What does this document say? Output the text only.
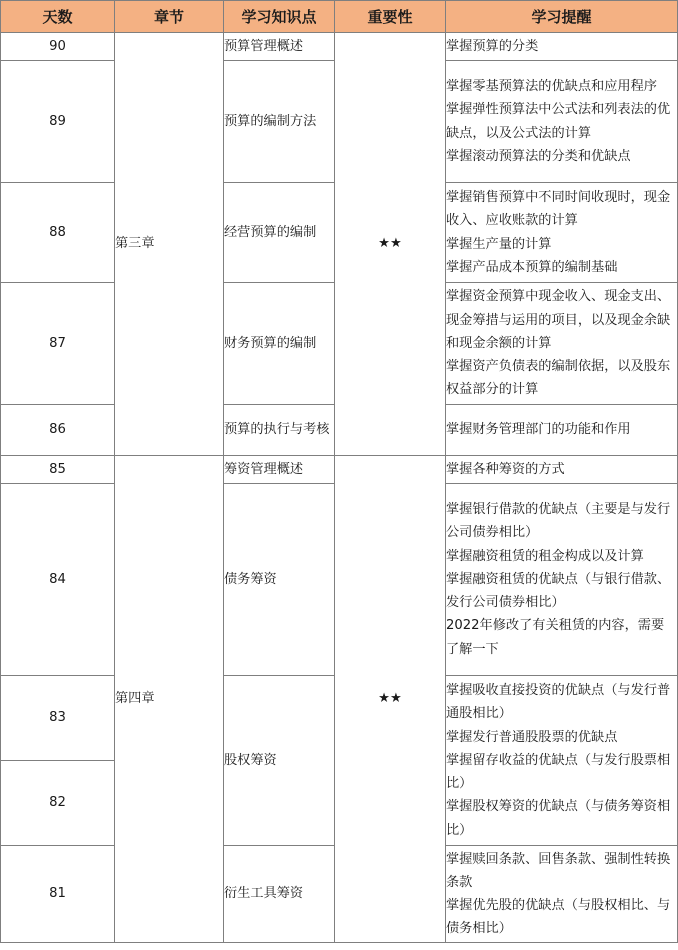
天数	章节	学习知识点	重要性	学习提醒
90	第三章	预算管理概述	★★	掌握预算的分类

89		预算的编制方法		掌握零基预算法的优缺点和应用程序
掌握弹性预算法中公式法和列表法的优缺点，以及公式法的计算
掌握滚动预算法的分类和优缺点

88		经营预算的编制		掌握销售预算中不同时间收现时，现金收入、应收账款的计算
掌握生产量的计算
掌握产品成本预算的编制基础

87		财务预算的编制		掌握资金预算中现金收入、现金支出、现金筹措与运用的项目，以及现金余缺和现金余额的计算
掌握资产负债表的编制依据，以及股东权益部分的计算

86		预算的执行与考核		掌握财务管理部门的功能和作用

85	第四章	筹资管理概述	★★	掌握各种筹资的方式

84		债务筹资		掌握银行借款的优缺点（主要是与发行公司债券相比）
掌握融资租赁的租金构成以及计算
掌握融资租赁的优缺点（与银行借款、发行公司债券相比）
2022年修改了有关租赁的内容，需要了解一下

83		股权筹资		掌握吸收直接投资的优缺点（与发行普通股相比）
掌握发行普通股股票的优缺点
掌握留存收益的优缺点（与发行股票相比）
掌握股权筹资的优缺点（与债务筹资相比）

82				
81		衍生工具筹资		掌握赎回条款、回售条款、强制性转换条款
掌握优先股的优缺点（与股权相比、与债务相比）
